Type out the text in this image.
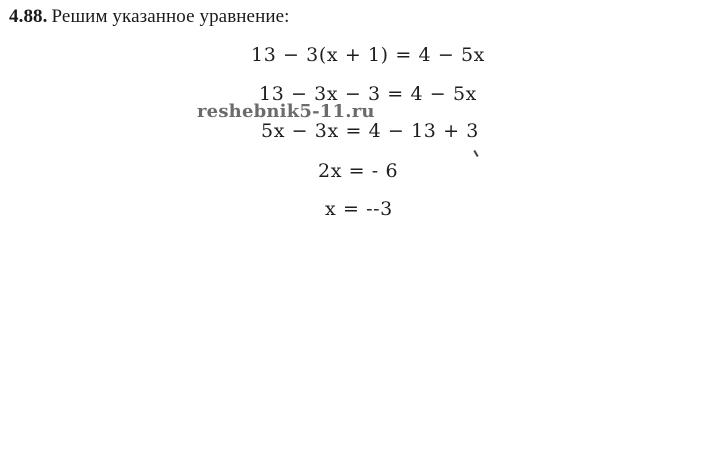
4.88. Решим указанное уравнение:
13 − 3(x + 1) = 4 − 5x
13 − 3x − 3 = 4 − 5x
5x − 3x = 4 − 13 + 3
2x = - 6
x = --3
reshebnik5-11.ru
